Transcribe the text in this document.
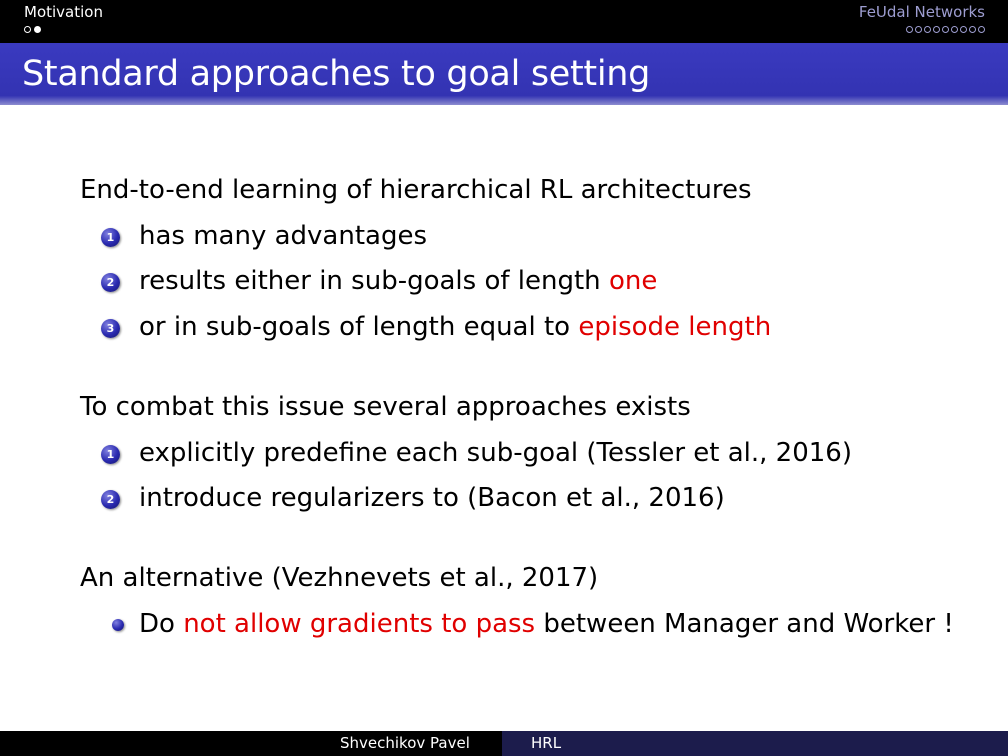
Motivation	FeUdal Networks
Standard approaches to goal setting
End-to-end learning of hierarchical RL architectures
1 has many advantages
2 results either in sub-goals of length one
3 or in sub-goals of length equal to episode length
To combat this issue several approaches exists
1 explicitly predefine each sub-goal (Tessler et al., 2016)
2 introduce regularizers to (Bacon et al., 2016)
An alternative (Vezhnevets et al., 2017)
Do not allow gradients to pass between Manager and Worker !
Shvechikov Pavel	HRL
